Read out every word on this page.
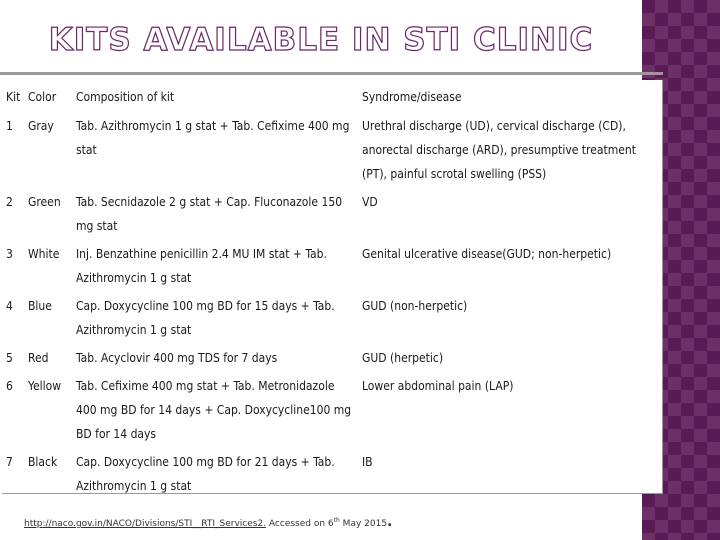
KITS AVAILABLE IN STI CLINIC
Kit	Color	Composition of kit	Syndrome/disease
1	Gray	Tab. Azithromycin 1 g stat + Tab. Cefixime 400 mg stat	Urethral discharge (UD), cervical discharge (CD), anorectal discharge (ARD), presumptive treatment (PT), painful scrotal swelling (PSS)
2	Green	Tab. Secnidazole 2 g stat + Cap. Fluconazole 150 mg stat	VD
3	White	Inj. Benzathine penicillin 2.4 MU IM stat + Tab. Azithromycin 1 g stat	Genital ulcerative disease(GUD; non-herpetic)
4	Blue	Cap. Doxycycline 100 mg BD for 15 days + Tab. Azithromycin 1 g stat	GUD (non-herpetic)
5	Red	Tab. Acyclovir 400 mg TDS for 7 days	GUD (herpetic)
6	Yellow	Tab. Cefixime 400 mg stat + Tab. Metronidazole 400 mg BD for 14 days + Cap. Doxycycline100 mg BD for 14 days	Lower abdominal pain (LAP)
7	Black	Cap. Doxycycline 100 mg BD for 21 days + Tab. Azithromycin 1 g stat	IB
http://naco.gov.in/NACO/Divisions/STI__RTI_Services2. Accessed on 6th May 2015.
